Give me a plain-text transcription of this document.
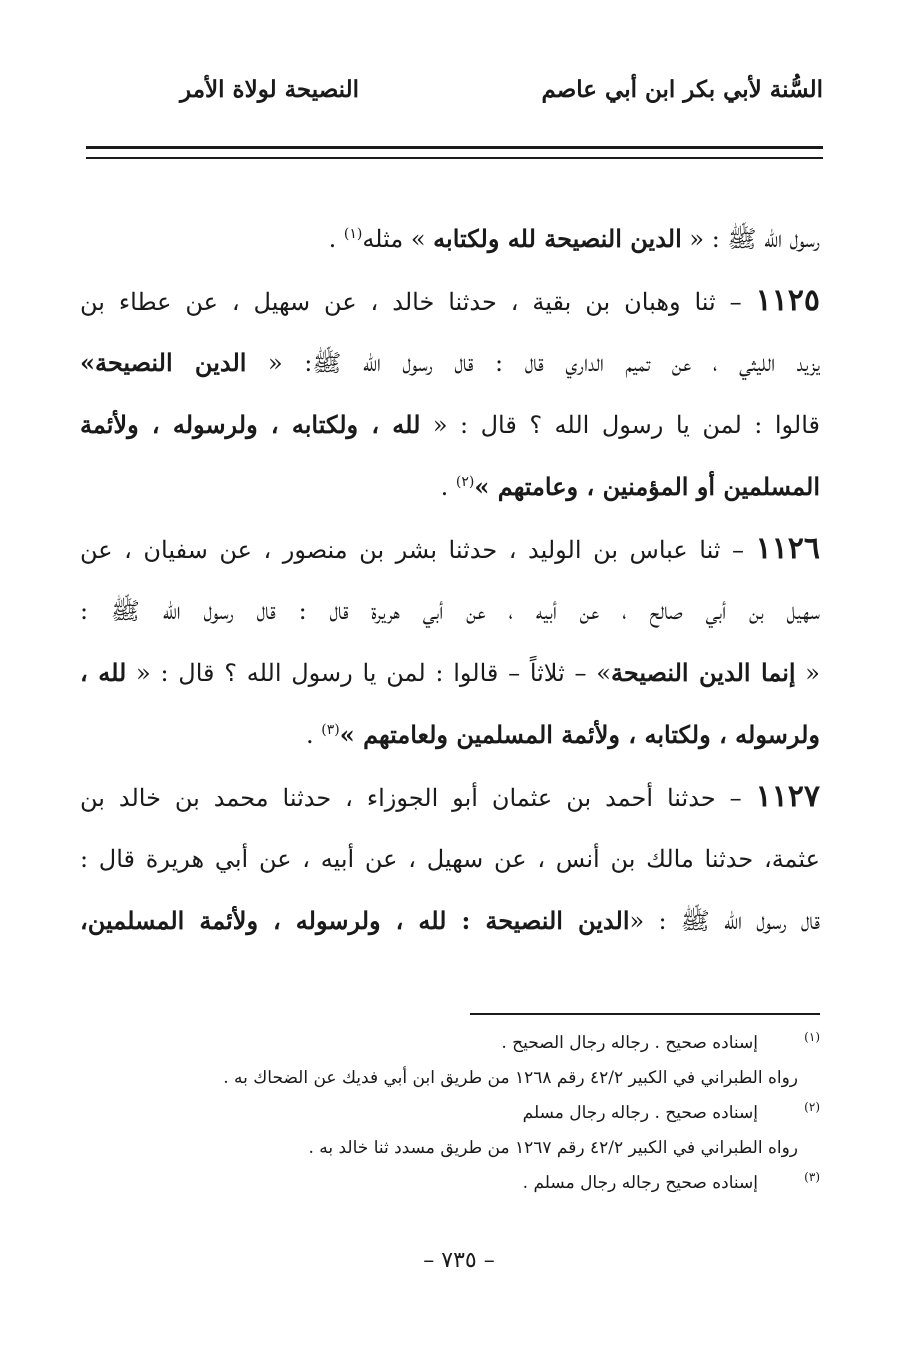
السُّنة لأبي بكر ابن أبي عاصم
النصيحة لولاة الأمر
رسول الله ﷺ : « الدين النصيحة لله ولكتابه » مثله$^{(١)}$ .
١١٢٥ – ثنا وهبان بن بقية ، حدثنا خالد ، عن سهيل ، عن عطاء بن
يزيد الليثي ، عن تميم الداري قال : قال رسول الله ﷺ: « الدين النصيحة»
قالوا : لمن يا رسول الله ؟ قال : « لله ، ولكتابه ، ولرسوله ، ولأئمة
المسلمين أو المؤمنين ، وعامتهم »$^{(٢)}$ .
١١٢٦ – ثنا عباس بن الوليد ، حدثنا بشر بن منصور ، عن سفيان ، عن
سهيل بن أبي صالح ، عن أبيه ، عن أبي هريرة قال : قال رسول الله ﷺ :
« إنما الدين النصيحة» – ثلاثاً – قالوا : لمن يا رسول الله ؟ قال : « لله ،
ولرسوله ، ولكتابه ، ولأئمة المسلمين ولعامتهم »$^{(٣)}$ .
١١٢٧ – حدثنا أحمد بن عثمان أبو الجوزاء ، حدثنا محمد بن خالد بن
عثمة، حدثنا مالك بن أنس ، عن سهيل ، عن أبيه ، عن أبي هريرة قال :
قال رسول الله ﷺ : «الدين النصيحة : لله ، ولرسوله ، ولأئمة المسلمين،
(١)
إسناده صحيح . رجاله رجال الصحيح .
رواه الطبراني في الكبير ٤٢/٢ رقم ١٢٦٨ من طريق ابن أبي فديك عن الضحاك به .
(٢)
إسناده صحيح . رجاله رجال مسلم
رواه الطبراني في الكبير ٤٢/٢ رقم ١٢٦٧ من طريق مسدد ثنا خالد به .
(٣)
إسناده صحيح رجاله رجال مسلم .
– ٧٣٥ –
